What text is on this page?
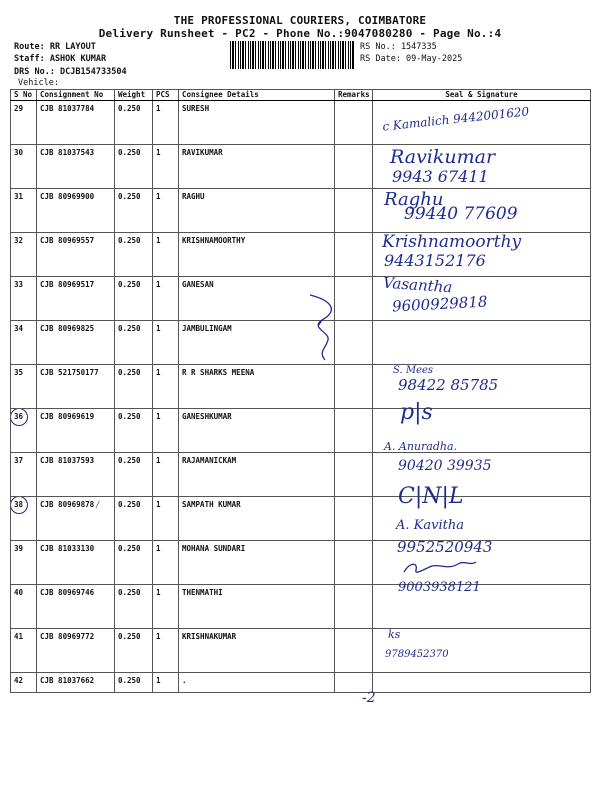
THE PROFESSIONAL COURIERS, COIMBATORE
Delivery Runsheet - PC2 - Phone No.:9047080280 - Page No.:4
Route: RR LAYOUT
Staff: ASHOK KUMAR
DRS No.: DCJB154733504
Vehicle:
RS No.: 1547335
RS Date: 09-May-2025
S No	Consignment No	Weight	PCS	Consignee Details	Remarks	Seal & Signature
29	CJB 81037784	0.250	1	SURESH		
30	CJB 81037543	0.250	1	RAVIKUMAR		
31	CJB 80969900	0.250	1	RAGHU		
32	CJB 80969557	0.250	1	KRISHNAMOORTHY		
33	CJB 80969517	0.250	1	GANESAN		
34	CJB 80969825	0.250	1	JAMBULINGAM		
35	CJB 521750177	0.250	1	R R SHARKS MEENA		
36	CJB 80969619	0.250	1	GANESHKUMAR		
37	CJB 81037593	0.250	1	RAJAMANICKAM		
38	CJB 80969878 /	0.250	1	SAMPATH KUMAR		
39	CJB 81033130	0.250	1	MOHANA SUNDARI		
40	CJB 80969746	0.250	1	THENMATHI		
41	CJB 80969772	0.250	1	KRISHNAKUMAR		
42	CJB 81037662	0.250	1	.		
c Kamalich 9442001620
Ravikumar
9943 67411
Raghu
99440 77609
Krishnamoorthy
9443152176
Vasantha
9600929818
S. Mees
98422 85785
p|s
A. Anuradha.
90420 39935
C|N|L
A. Kavitha
9952520943
9003938121
ks
9789452370
-2
